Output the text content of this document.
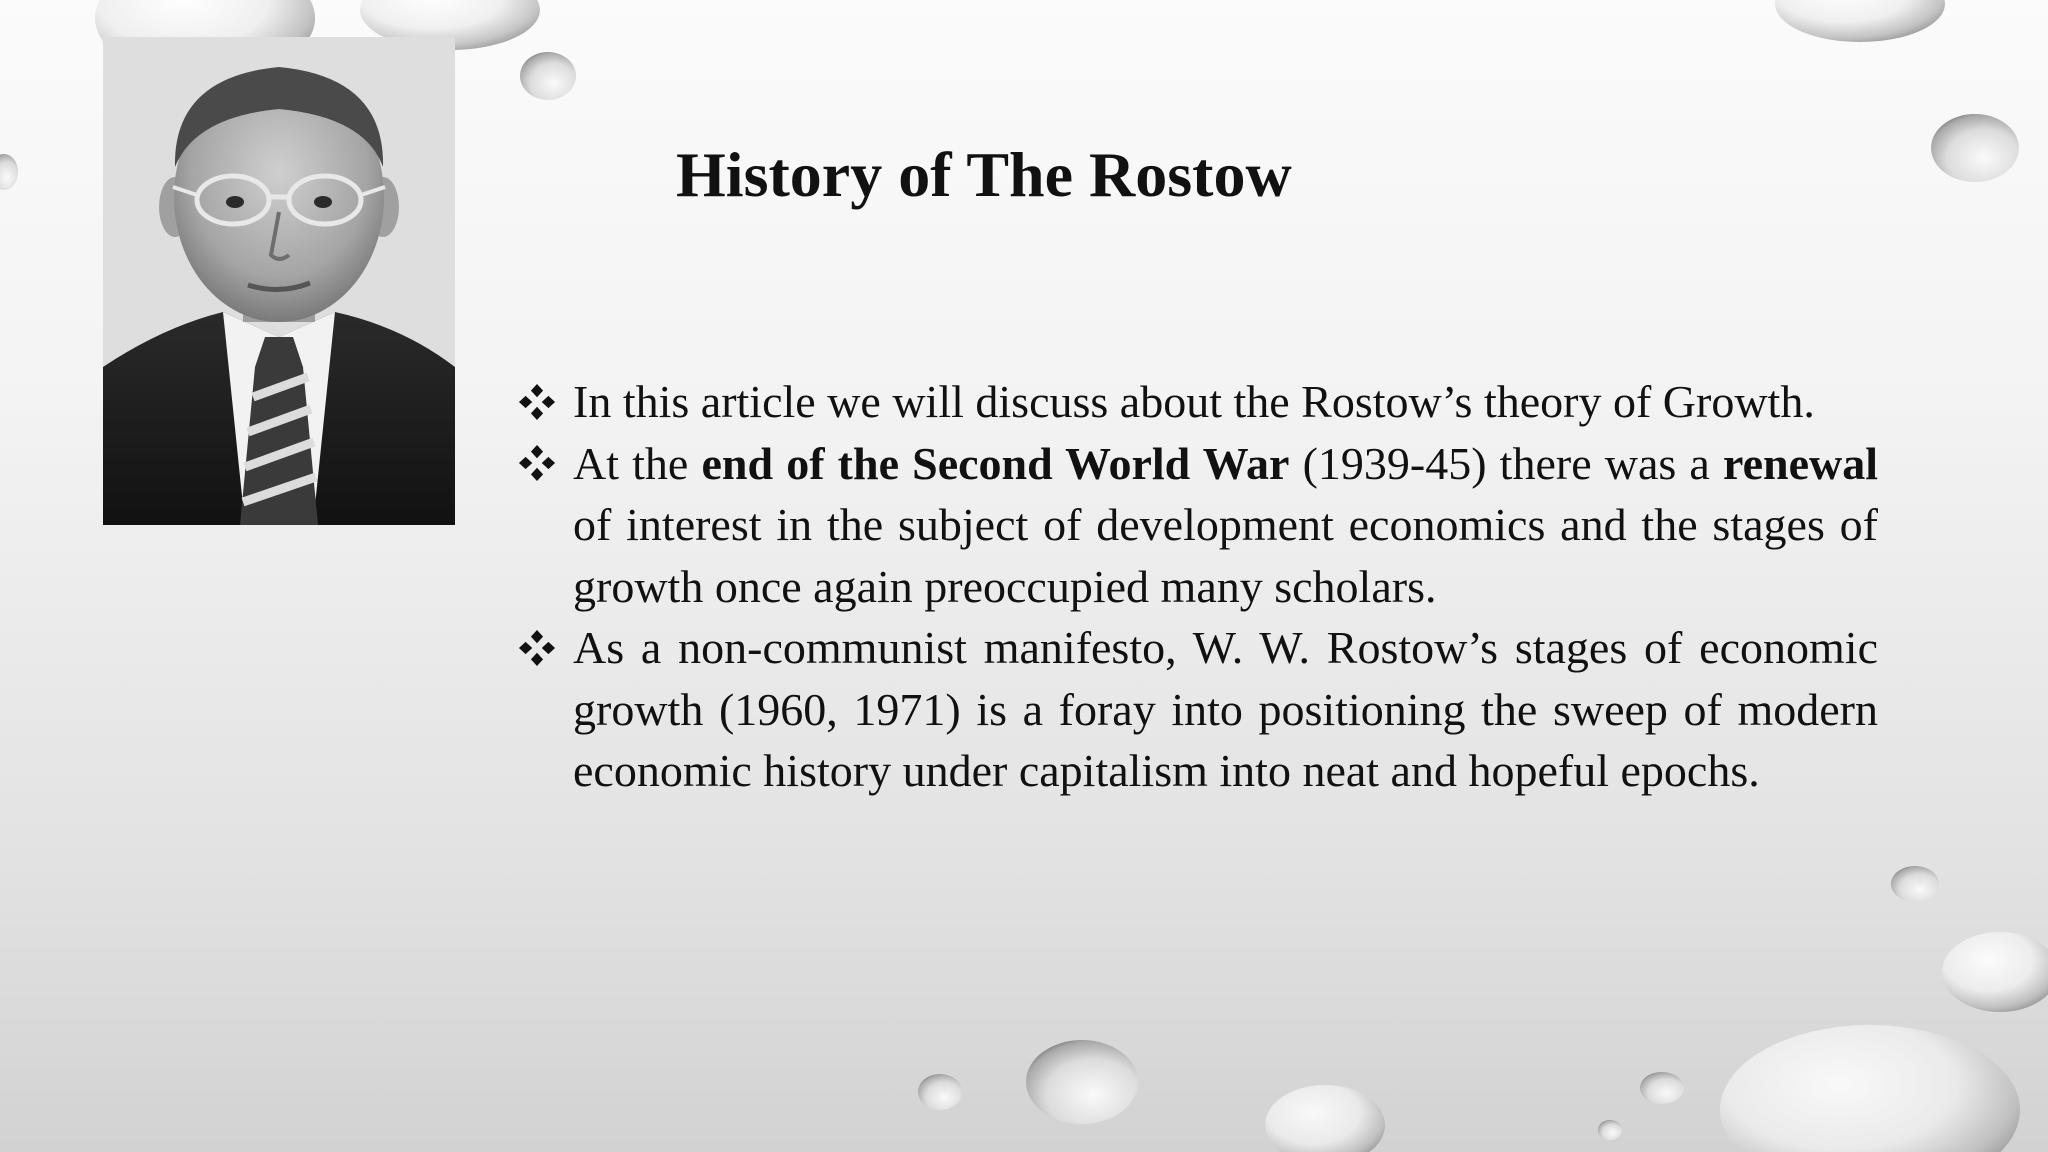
History of The Rostow
In this article we will discuss about the Rostow’s theory of Growth.
At the end of the Second World War (1939-45) there was a renewal of interest in the subject of development economics and the stages of growth once again preoccupied many scholars.
As a non-communist manifesto, W. W. Rostow’s stages of economic growth (1960, 1971) is a foray into positioning the sweep of modern economic history under capitalism into neat and hopeful epochs.
